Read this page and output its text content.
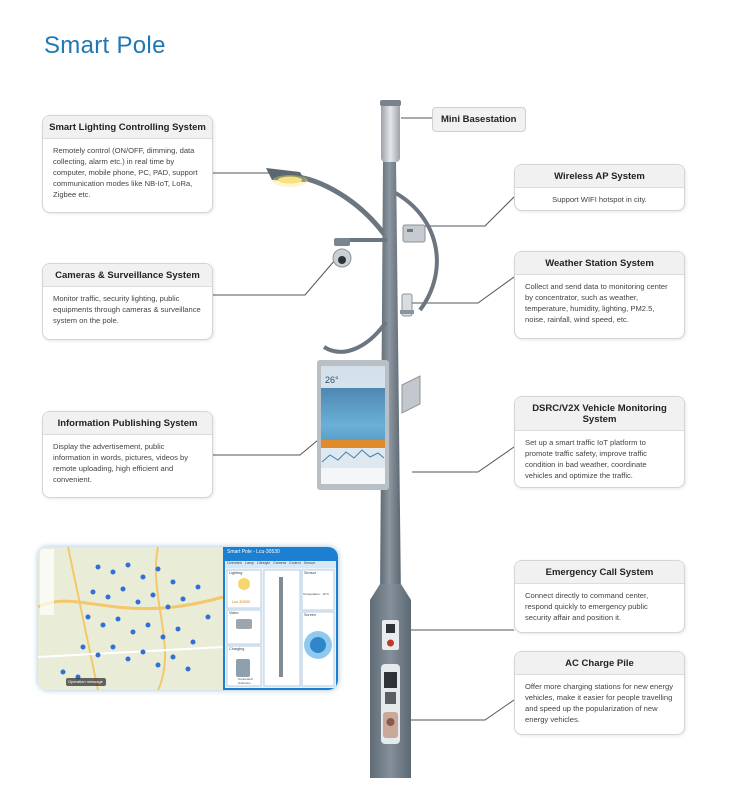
Smart Pole
26°
Smart Lighting Controlling System
Remotely control (ON/OFF, dimming, data collecting, alarm etc.) in real time by computer, mobile phone, PC, PAD, support communication modes like NB-IoT, LoRa, Zigbee etc.
Cameras & Surveillance System
Monitor traffic, security lighting, public equipments through cameras & surveillance system on the pole.
Information Publishing System
Display the advertisement, public information in words, pictures, videos by remote uploading, high efficient and convenient.
Mini Basestation
Wireless AP System
Support WIFI hotspot in city.
Weather Station System
Collect and send data to monitoring center by concentrator, such as weather, temperature, humidity, lighting, PM2.5, noise, rainfall, wind speed, etc.
DSRC/V2X Vehicle Monitoring System
Set up a smart traffic IoT platform to promote traffic safety, improve traffic condition in bad weather, coordinate vehicles and optimize the traffic.
Emergency Call System
Connect directly to command center, respond quickly to emergency public security affair and position it.
AC Charge Pile
Offer more charging stations for new energy vehicles, make it easier for people travelling and speed up the popularization of new energy vehicles.
Smart Pole - Lcu-30530
Overview Lamp Lifestyle Camera Control Sensor
Lighting
Lcu-30530
Video
Charging
Connected Unknown
Sensor
Temperature : 16°C
Screen
Operation message
